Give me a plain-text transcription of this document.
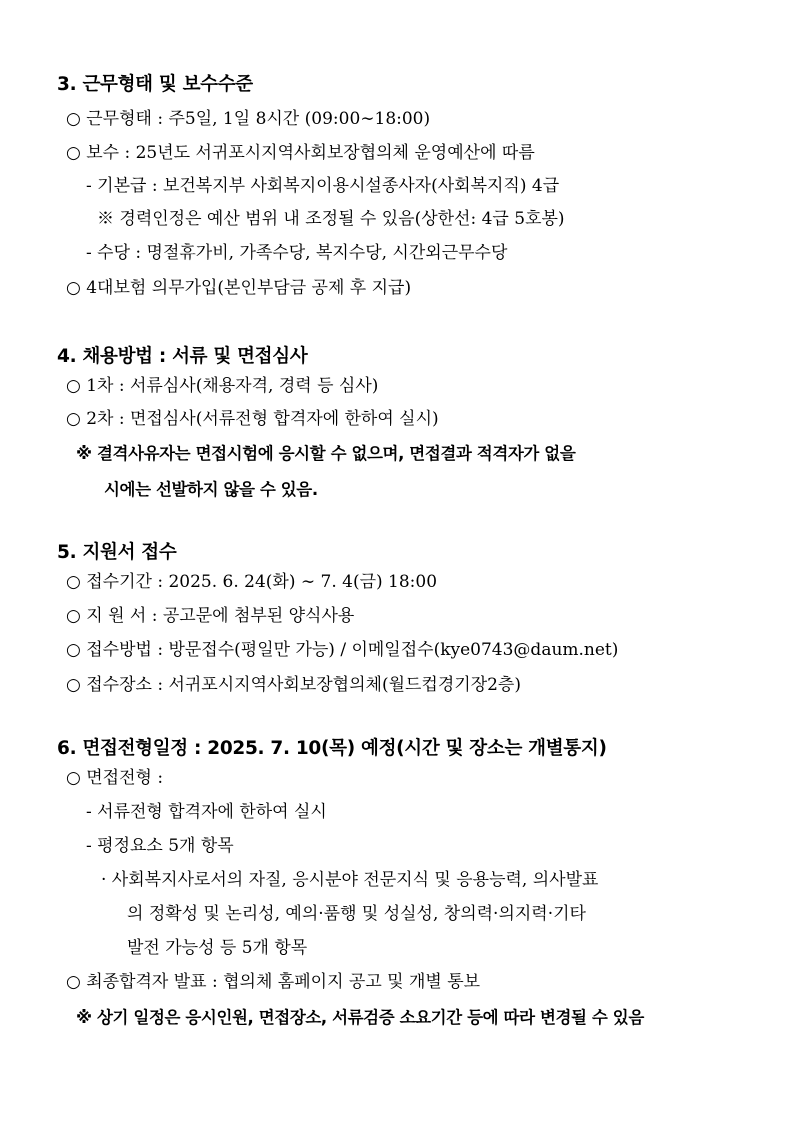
3. 근무형태 및 보수수준
○ 근무형태 : 주5일, 1일 8시간 (09:00∼18:00)
○ 보수 : 25년도 서귀포시지역사회보장협의체 운영예산에 따름
- 기본급 : 보건복지부 사회복지이용시설종사자(사회복지직) 4급
※ 경력인정은 예산 범위 내 조정될 수 있음(상한선: 4급 5호봉)
- 수당 : 명절휴가비, 가족수당, 복지수당, 시간외근무수당
○ 4대보험 의무가입(본인부담금 공제 후 지급)
4. 채용방법 : 서류 및 면접심사
○ 1차 : 서류심사(채용자격, 경력 등 심사)
○ 2차 : 면접심사(서류전형 합격자에 한하여 실시)
※ 결격사유자는 면접시험에 응시할 수 없으며, 면접결과 적격자가 없을
시에는 선발하지 않을 수 있음.
5. 지원서 접수
○ 접수기간 : 2025. 6. 24(화) ∼ 7. 4(금) 18:00
○ 지 원 서 : 공고문에 첨부된 양식사용
○ 접수방법 : 방문접수(평일만 가능) / 이메일접수(kye0743@daum.net)
○ 접수장소 : 서귀포시지역사회보장협의체(월드컵경기장2층)
6. 면접전형일정 : 2025. 7. 10(목) 예정(시간 및 장소는 개별통지)
○ 면접전형 :
- 서류전형 합격자에 한하여 실시
- 평정요소 5개 항목
· 사회복지사로서의 자질, 응시분야 전문지식 및 응용능력, 의사발표
의 정확성 및 논리성, 예의·품행 및 성실성, 창의력·의지력·기타
발전 가능성 등 5개 항목
○ 최종합격자 발표 : 협의체 홈페이지 공고 및 개별 통보
※ 상기 일정은 응시인원, 면접장소, 서류검증 소요기간 등에 따라 변경될 수 있음
